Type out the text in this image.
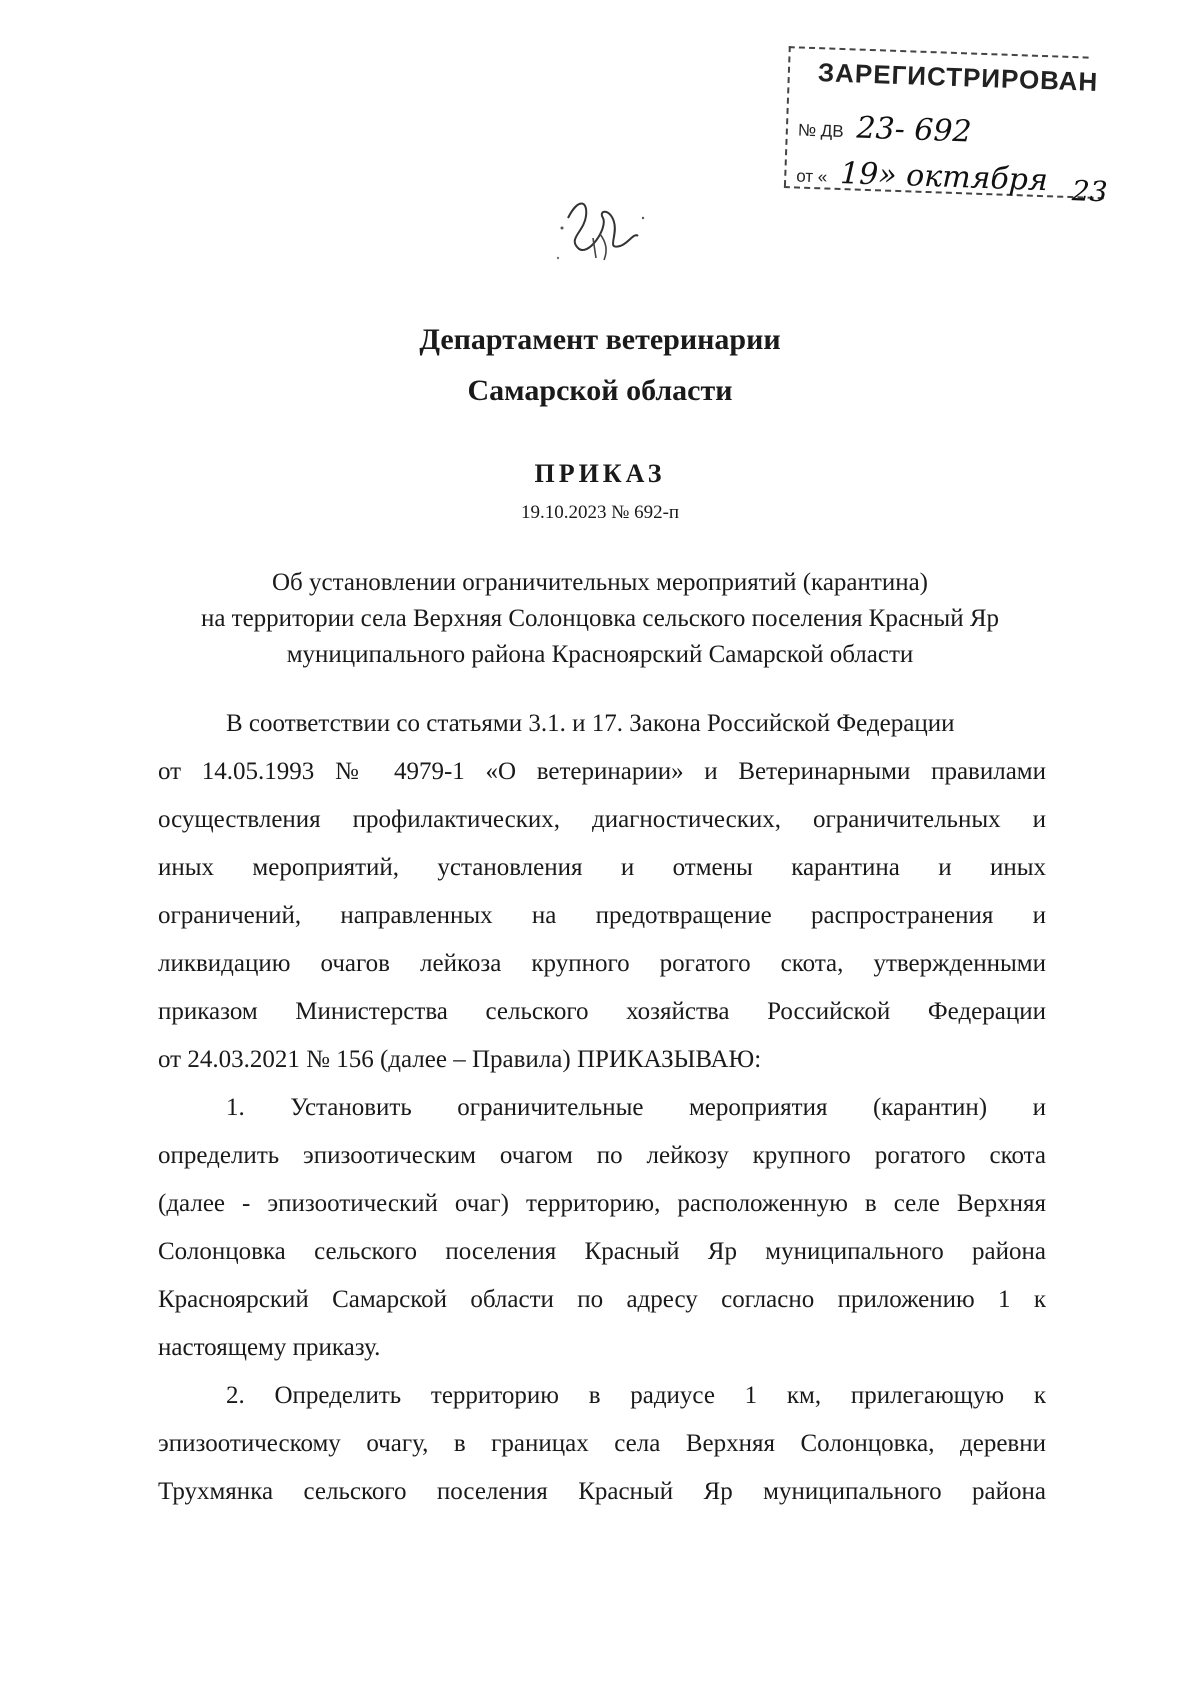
ЗАРЕГИСТРИРОВАН
№ ДВ 23- 692
от « 19» октября 23
Департамент ветеринарии
Самарской области
ПРИКАЗ
19.10.2023 № 692-п
Об установлении ограничительных мероприятий (карантина)
на территории села Верхняя Солонцовка сельского поселения Красный Яр
муниципального района Красноярский Самарской области
В соответствии со статьями 3.1. и 17. Закона Российской Федерации
от 14.05.1993 № 4979-1 «О ветеринарии» и Ветеринарными правилами
осуществления профилактических, диагностических, ограничительных и
иных мероприятий, установления и отмены карантина и иных
ограничений, направленных на предотвращение распространения и
ликвидацию очагов лейкоза крупного рогатого скота, утвержденными
приказом Министерства сельского хозяйства Российской Федерации
от 24.03.2021 № 156 (далее – Правила) ПРИКАЗЫВАЮ:
1. Установить ограничительные мероприятия (карантин) и
определить эпизоотическим очагом по лейкозу крупного рогатого скота
(далее - эпизоотический очаг) территорию, расположенную в селе Верхняя
Солонцовка сельского поселения Красный Яр муниципального района
Красноярский Самарской области по адресу согласно приложению 1 к
настоящему приказу.
2. Определить территорию в радиусе 1 км, прилегающую к
эпизоотическому очагу, в границах села Верхняя Солонцовка, деревни
Трухмянка сельского поселения Красный Яр муниципального района
